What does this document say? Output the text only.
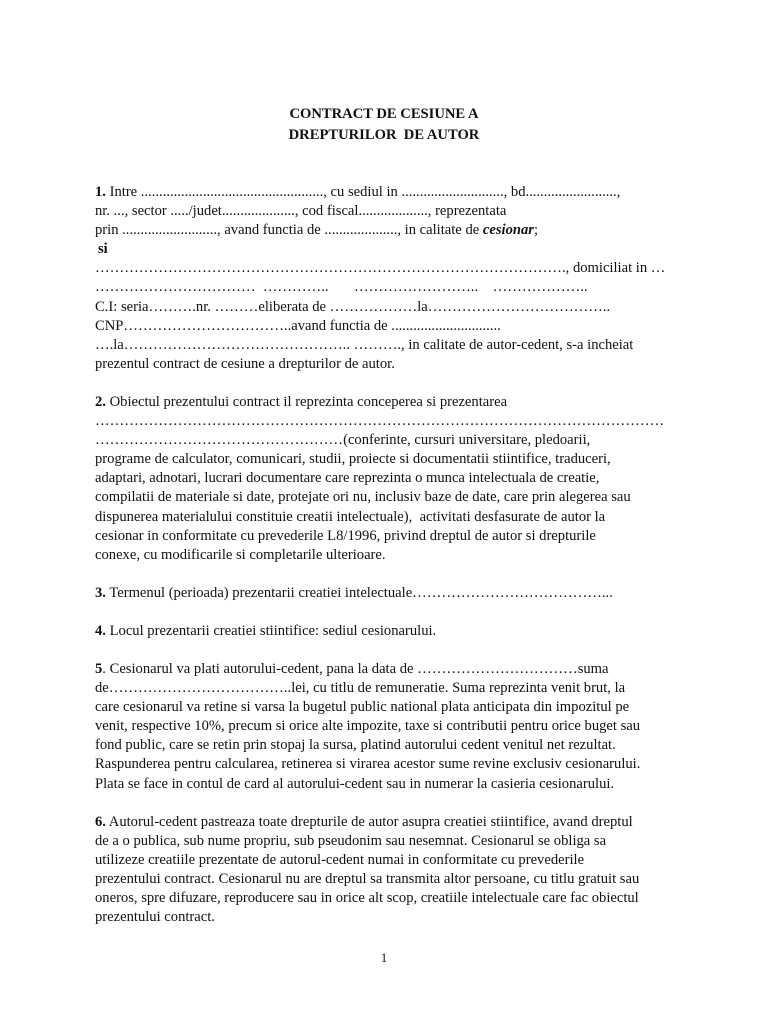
CONTRACT DE CESIUNE A
DREPTURILOR  DE AUTOR
1. Intre .................................................., cu sediul in ............................, bd.........................,
nr. ..., sector ...../judet...................., cod fiscal..................., reprezentata
prin .........................., avand functia de ...................., in calitate de cesionar;
si
……………………………………………………………………………………., domiciliat in …
……………………………  …………..       ……………………..    ………………..
C.I: seria……….nr. ………eliberata de ………………la………………………………..
CNP……………………………..avand functia de ..............................
….la……………………………………….. ………., in calitate de autor-cedent, s-a incheiat
prezentul contract de cesiune a drepturilor de autor.
2. Obiectul prezentului contract il reprezinta conceperea si prezentarea
………………………………………………………………………………………………………
……………………………………………(conferinte, cursuri universitare, pledoarii,
programe de calculator, comunicari, studii, proiecte si documentatii stiintifice, traduceri,
adaptari, adnotari, lucrari documentare care reprezinta o munca intelectuala de creatie,
compilatii de materiale si date, protejate ori nu, inclusiv baze de date, care prin alegerea sau
dispunerea materialului constituie creatii intelectuale),  activitati desfasurate de autor la
cesionar in conformitate cu prevederile L8/1996, privind dreptul de autor si drepturile
conexe, cu modificarile si completarile ulterioare.
3. Termenul (perioada) prezentarii creatiei intelectuale…………………………………...
4. Locul prezentarii creatiei stiintifice: sediul cesionarului.
5. Cesionarul va plati autorului-cedent, pana la data de ……………………………suma
de………………………………..lei, cu titlu de remuneratie. Suma reprezinta venit brut, la
care cesionarul va retine si varsa la bugetul public national plata anticipata din impozitul pe
venit, respective 10%, precum si orice alte impozite, taxe si contributii pentru orice buget sau
fond public, care se retin prin stopaj la sursa, platind autorului cedent venitul net rezultat.
Raspunderea pentru calcularea, retinerea si virarea acestor sume revine exclusiv cesionarului.
Plata se face in contul de card al autorului-cedent sau in numerar la casieria cesionarului.
6. Autorul-cedent pastreaza toate drepturile de autor asupra creatiei stiintifice, avand dreptul
de a o publica, sub nume propriu, sub pseudonim sau nesemnat. Cesionarul se obliga sa
utilizeze creatiile prezentate de autorul-cedent numai in conformitate cu prevederile
prezentului contract. Cesionarul nu are dreptul sa transmita altor persoane, cu titlu gratuit sau
oneros, spre difuzare, reproducere sau in orice alt scop, creatiile intelectuale care fac obiectul
prezentului contract.
1
